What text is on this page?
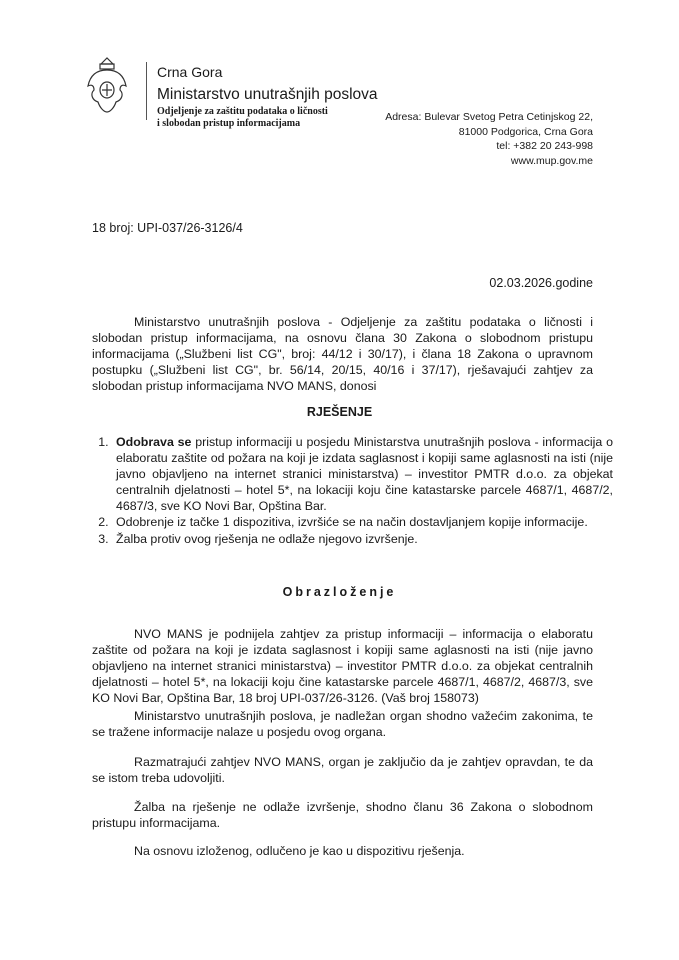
Crna Gora
Ministarstvo unutrašnjih poslova
Odjeljenje za zaštitu podataka o ličnosti
i slobodan pristup informacijama
Adresa: Bulevar Svetog Petra Cetinjskog 22,
81000 Podgorica, Crna Gora
tel: +382 20 243-998
www.mup.gov.me
18 broj: UPI-037/26-3126/4
02.03.2026.godine

Ministarstvo unutrašnjih poslova - Odjeljenje za zaštitu podataka o ličnosti i slobodan pristup informacijama, na osnovu člana 30 Zakona o slobodnom pristupu informacijama („Službeni list CG", broj: 44/12 i 30/17), i člana 18 Zakona o upravnom postupku („Službeni list CG", br. 56/14, 20/15, 40/16 i 37/17), rješavajući zahtjev za slobodan pristup informacijama NVO MANS, donosi

RJEŠENJE
1. Odobrava se pristup informaciji u posjedu Ministarstva unutrašnjih poslova - informacija o elaboratu zaštite od požara na koji je izdata saglasnost i kopiji same aglasnosti na isti (nije javno objavljeno na internet stranici ministarstva) – investitor PMTR d.o.o. za objekat centralnih djelatnosti – hotel 5*, na lokaciji koju čine katastarske parcele 4687/1, 4687/2, 4687/3, sve KO Novi Bar, Opština Bar.
2. Odobrenje iz tačke 1 dispozitiva, izvršiće se na način dostavljanjem kopije informacije.
3. Žalba protiv ovog rješenja ne odlaže njegovo izvršenje.
Obrazloženje

NVO MANS je podnijela zahtjev za pristup informaciji – informacija o elaboratu zaštite od požara na koji je izdata saglasnost i kopiji same aglasnosti na isti (nije javno objavljeno na internet stranici ministarstva) – investitor PMTR d.o.o. za objekat centralnih djelatnosti – hotel 5*, na lokaciji koju čine katastarske parcele 4687/1, 4687/2, 4687/3, sve KO Novi Bar, Opština Bar, 18 broj UPI-037/26-3126. (Vaš broj 158073)

Ministarstvo unutrašnjih poslova, je nadležan organ shodno važećim zakonima, te se tražene informacije nalaze u posjedu ovog organa.

Razmatrajući zahtjev NVO MANS, organ je zaključio da je zahtjev opravdan, te da se istom treba udovoljiti.

Žalba na rješenje ne odlaže izvršenje, shodno članu 36 Zakona o slobodnom pristupu informacijama.

Na osnovu izloženog, odlučeno je kao u dispozitivu rješenja.
